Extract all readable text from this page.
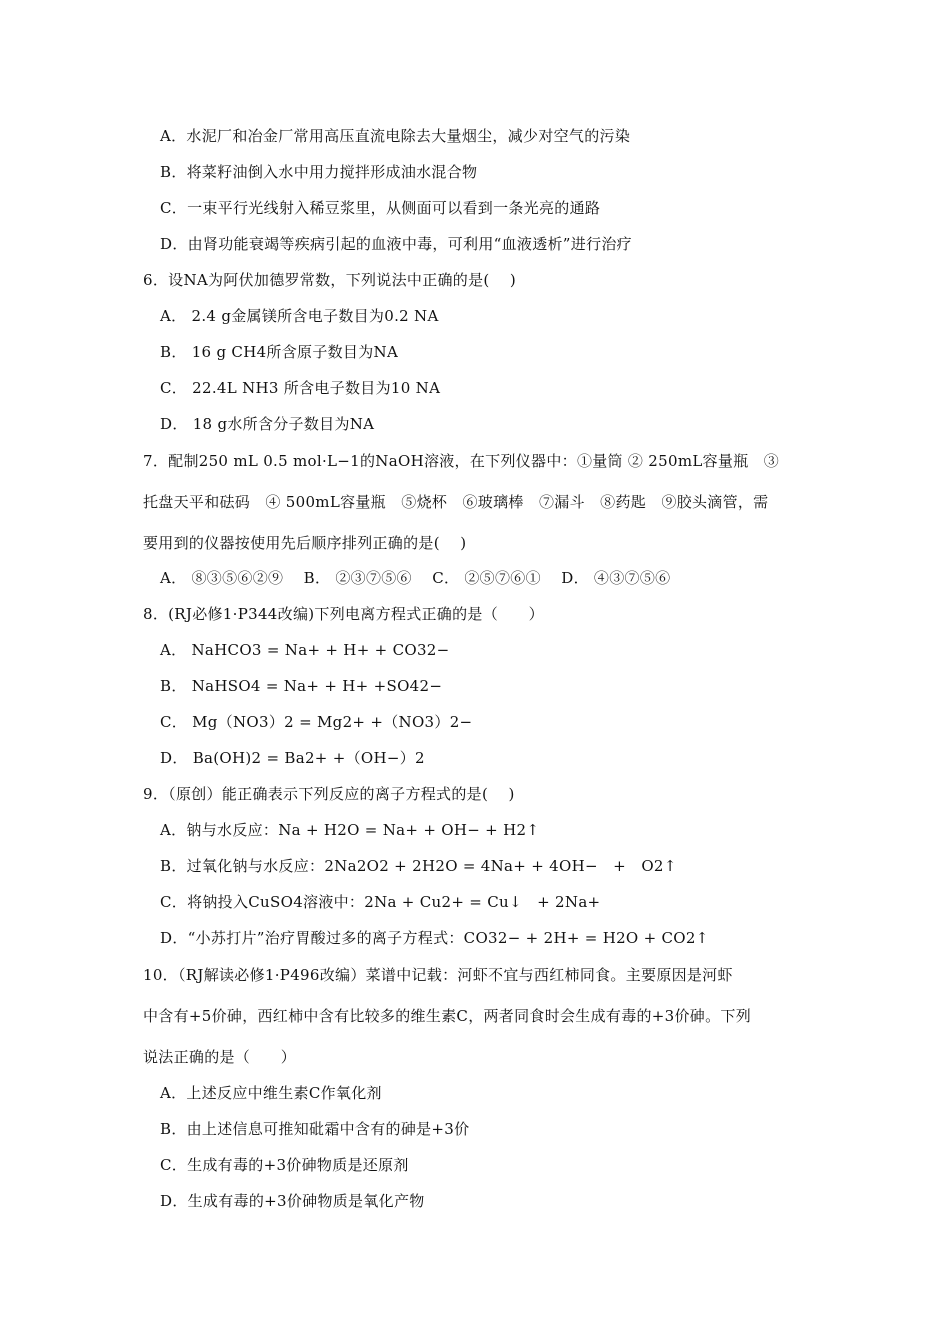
A．水泥厂和冶金厂常用高压直流电除去大量烟尘，减少对空气的污染
B．将菜籽油倒入水中用力搅拌形成油水混合物
C．一束平行光线射入稀豆浆里，从侧面可以看到一条光亮的通路
D．由肾功能衰竭等疾病引起的血液中毒，可利用“血液透析”进行治疗
6．设NA为阿伏加德罗常数，下列说法中正确的是(　 )
A． 2.4 g金属镁所含电子数目为0.2 NA
B． 16 g CH4所含原子数目为NA
C． 22.4L NH3 所含电子数目为10 NA
D． 18 g水所含分子数目为NA
7．配制250 mL 0.5 mol·L−1的NaOH溶液，在下列仪器中：①量筒 ② 250mL容量瓶　③
托盘天平和砝码　④ 500mL容量瓶　⑤烧杯　⑥玻璃棒　⑦漏斗　⑧药匙　⑨胶头滴管，需
要用到的仪器按使用先后顺序排列正确的是(　 )
A． ⑧③⑤⑥②⑨　 B． ②③⑦⑤⑥　 C． ②⑤⑦⑥①　 D． ④③⑦⑤⑥
8．(RJ必修1·P344改编)下列电离方程式正确的是（　　）
A． NaHCO3 = Na+ + H+ + CO32−
B． NaHSO4 = Na+ + H+ +SO42−
C． Mg（NO3）2 = Mg2+ +（NO3）2−
D． Ba(OH)2 = Ba2+ +（OH−）2
9．（原创）能正确表示下列反应的离子方程式的是(　 )
A．钠与水反应：Na + H2O = Na+ + OH− + H2↑
B．过氧化钠与水反应：2Na2O2 + 2H2O = 4Na+ + 4OH−　+　O2↑
C．将钠投入CuSO4溶液中：2Na + Cu2+ = Cu↓　+ 2Na+
D．“小苏打片”治疗胃酸过多的离子方程式：CO32− + 2H+ = H2O + CO2↑
10．（RJ解读必修1·P496改编）菜谱中记载：河虾不宜与西红柿同食。主要原因是河虾
中含有+5价砷，西红柿中含有比较多的维生素C，两者同食时会生成有毒的+3价砷。下列
说法正确的是（　　）
A．上述反应中维生素C作氧化剂
B．由上述信息可推知砒霜中含有的砷是+3价
C．生成有毒的+3价砷物质是还原剂
D．生成有毒的+3价砷物质是氧化产物
